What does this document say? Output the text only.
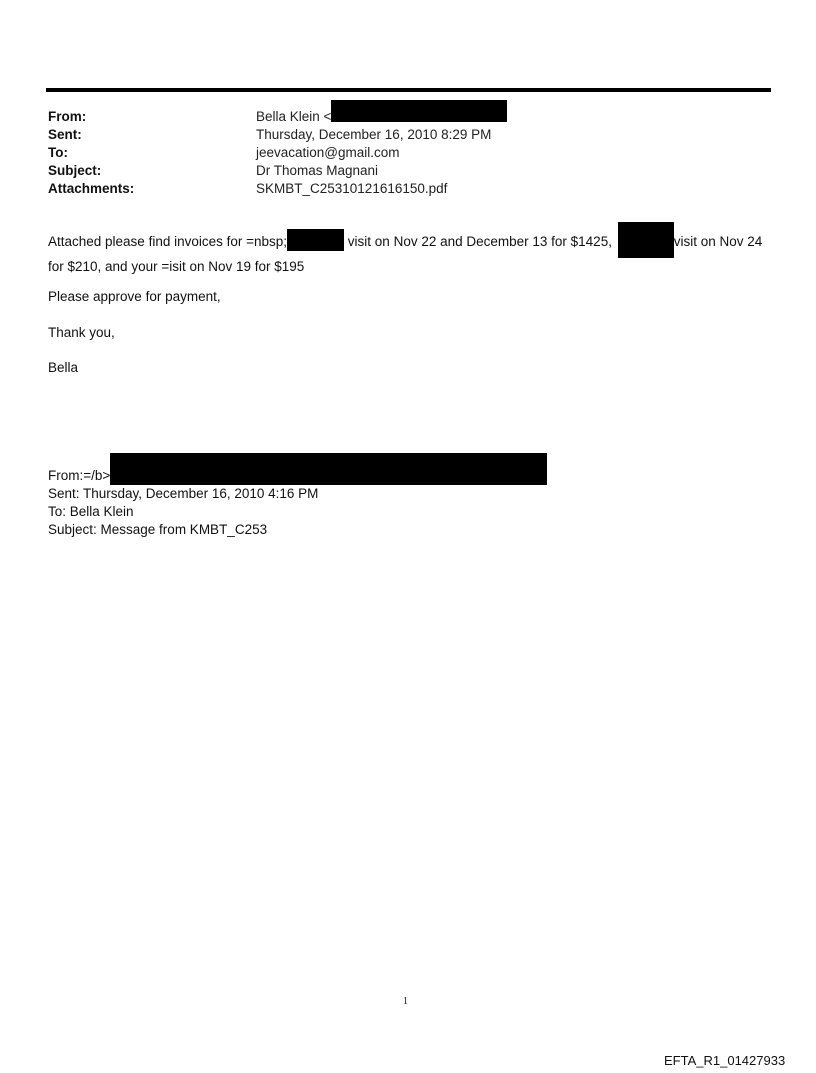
From:	Bella Klein <
Sent:	Thursday, December 16, 2010 8:29 PM
To:	jeevacation@gmail.com
Subject:	Dr Thomas Magnani
Attachments:	SKMBT_C25310121616150.pdf
Attached please find invoices for =nbsp;	visit on Nov 22 and December 13 for $1425,	visit on Nov 24
for $210, and your =isit on Nov 19 for $195
Please approve for payment,
Thank you,
Bella
From:=/b>
Sent: Thursday, December 16, 2010 4:16 PM
To: Bella Klein
Subject: Message from KMBT_C253
1
EFTA_R1_01427933
